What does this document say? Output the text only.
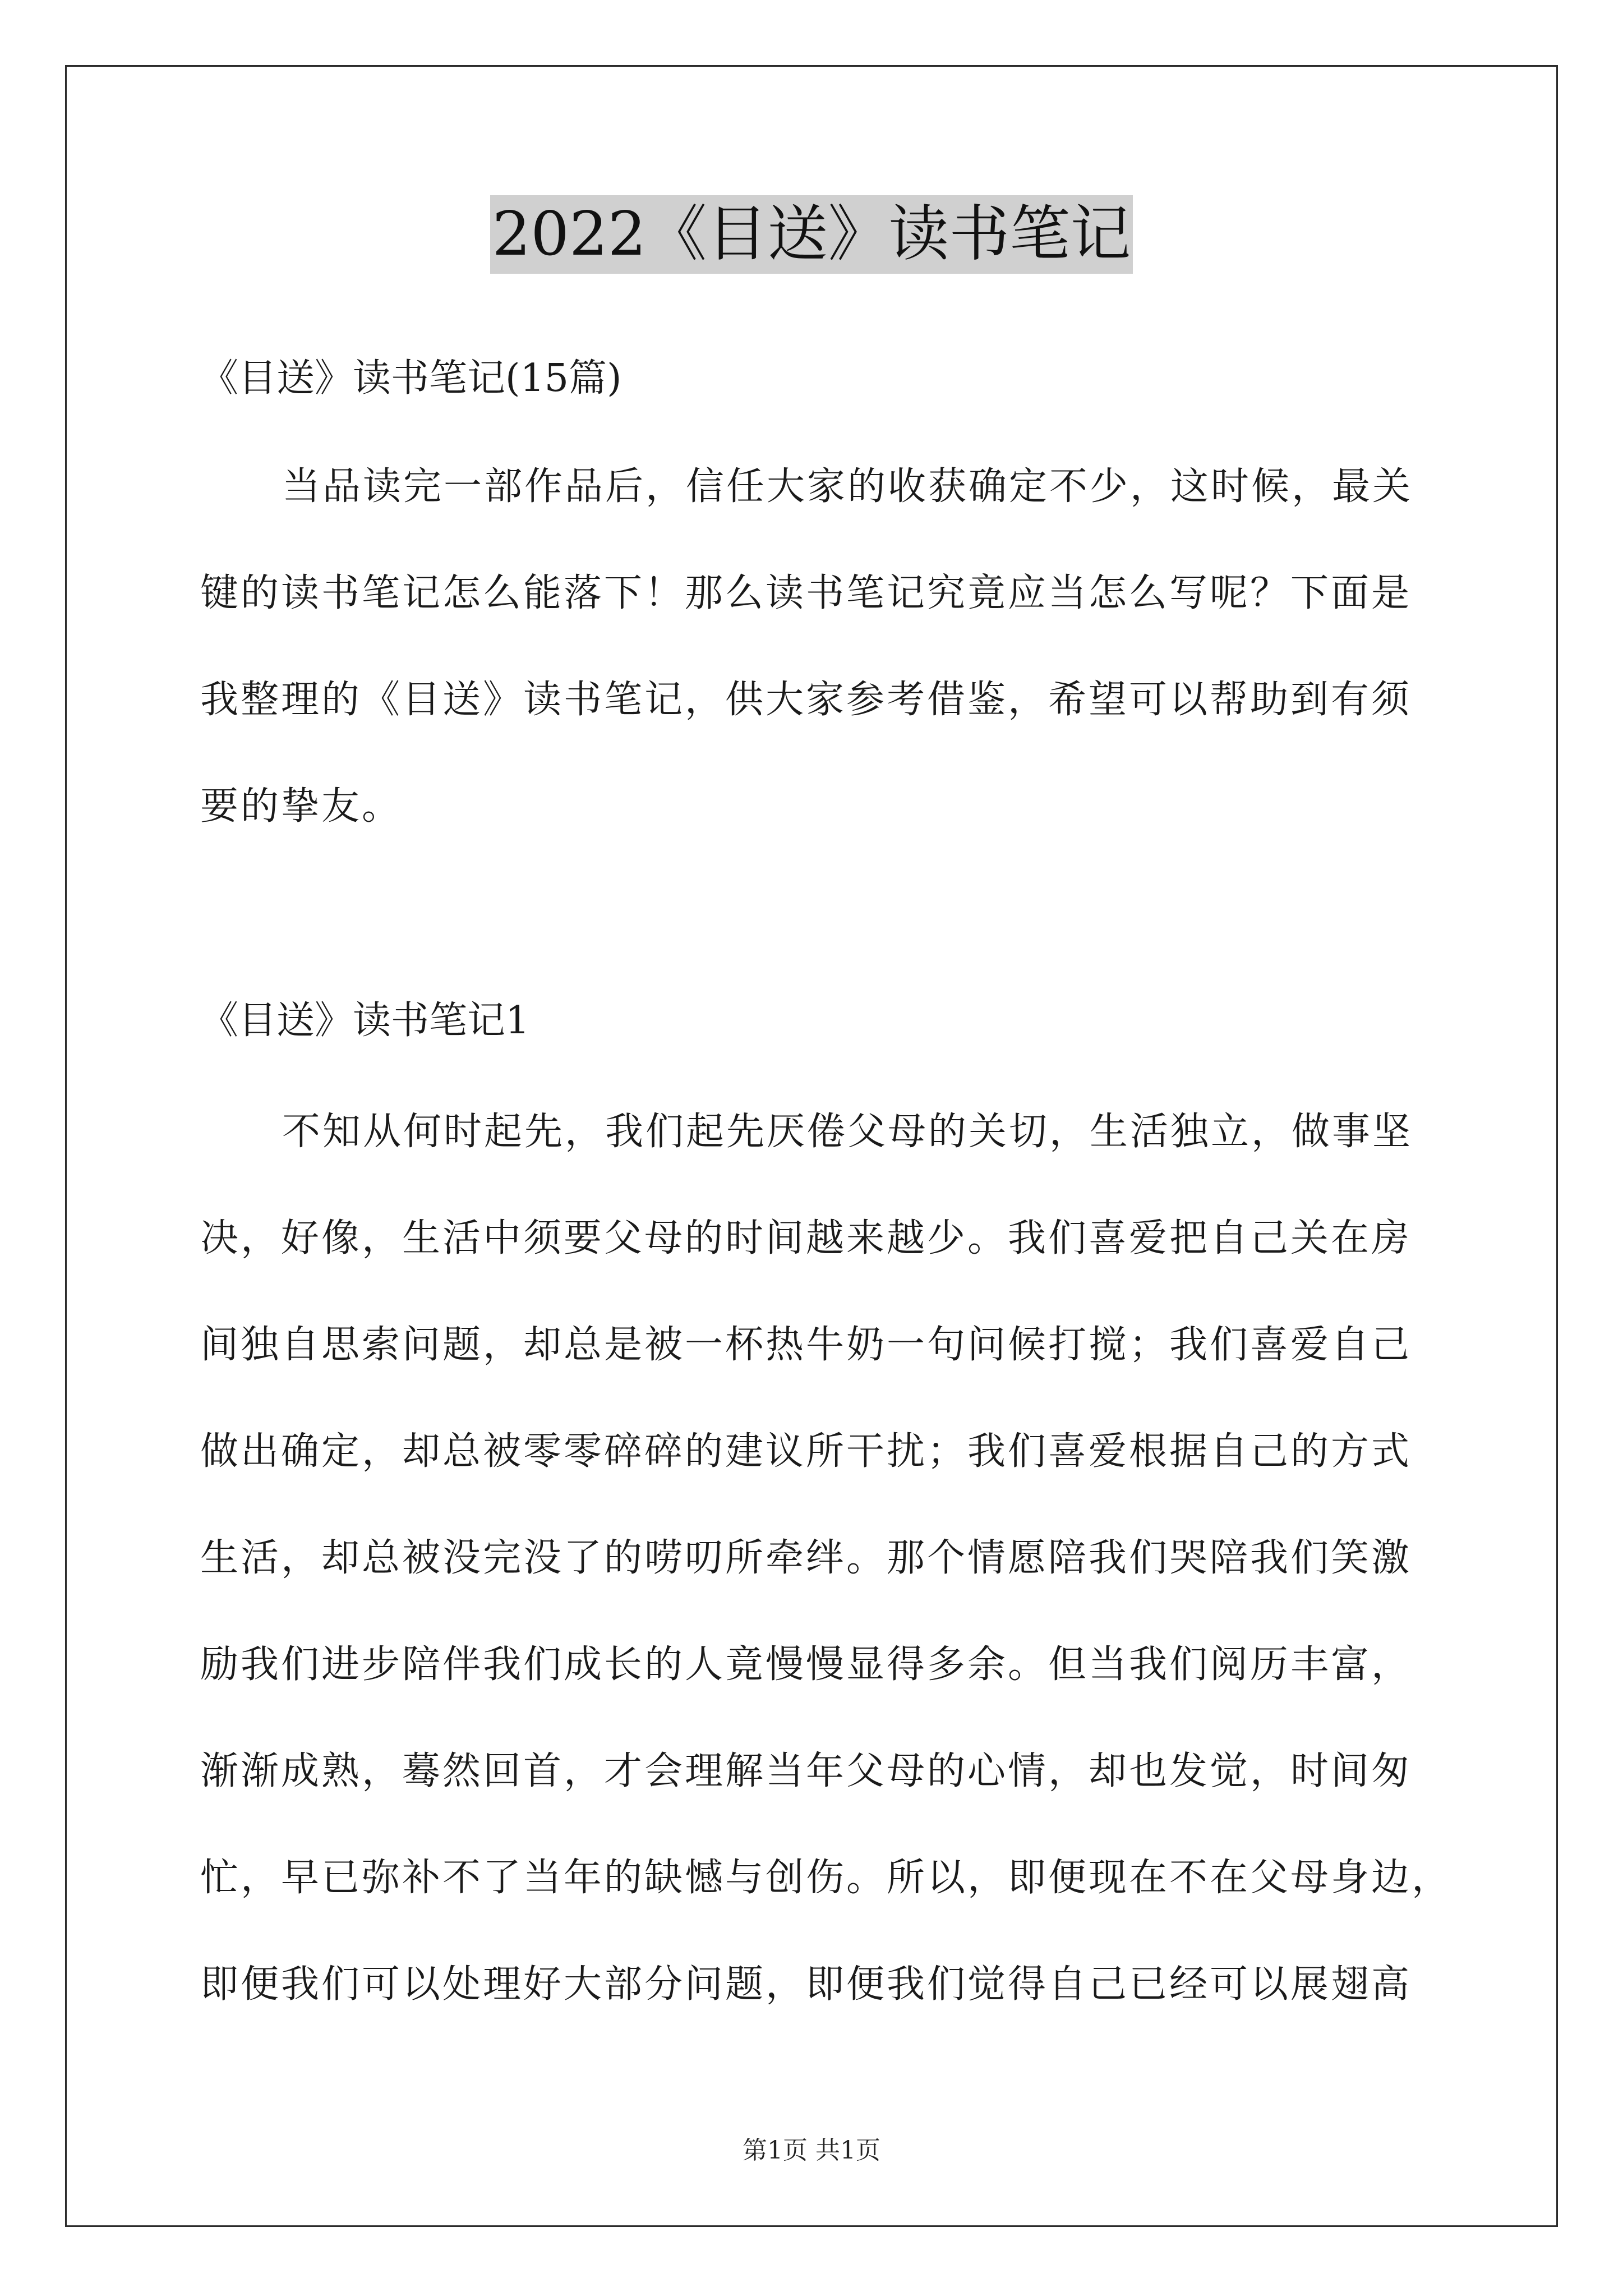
2022《目送》读书笔记
《目送》读书笔记(15篇)
当品读完一部作品后，信任大家的收获确定不少，这时候，最关
键的读书笔记怎么能落下！那么读书笔记究竟应当怎么写呢？下面是
我整理的《目送》读书笔记，供大家参考借鉴，希望可以帮助到有须
要的挚友。
《目送》读书笔记1
不知从何时起先，我们起先厌倦父母的关切，生活独立，做事坚
决，好像，生活中须要父母的时间越来越少。我们喜爱把自己关在房
间独自思索问题，却总是被一杯热牛奶一句问候打搅；我们喜爱自己
做出确定，却总被零零碎碎的建议所干扰；我们喜爱根据自己的方式
生活，却总被没完没了的唠叨所牵绊。那个情愿陪我们哭陪我们笑激
励我们进步陪伴我们成长的人竟慢慢显得多余。但当我们阅历丰富，
渐渐成熟，蓦然回首，才会理解当年父母的心情，却也发觉，时间匆
忙，早已弥补不了当年的缺憾与创伤。所以，即便现在不在父母身边，
即便我们可以处理好大部分问题，即便我们觉得自己已经可以展翅高
第1页 共1页
